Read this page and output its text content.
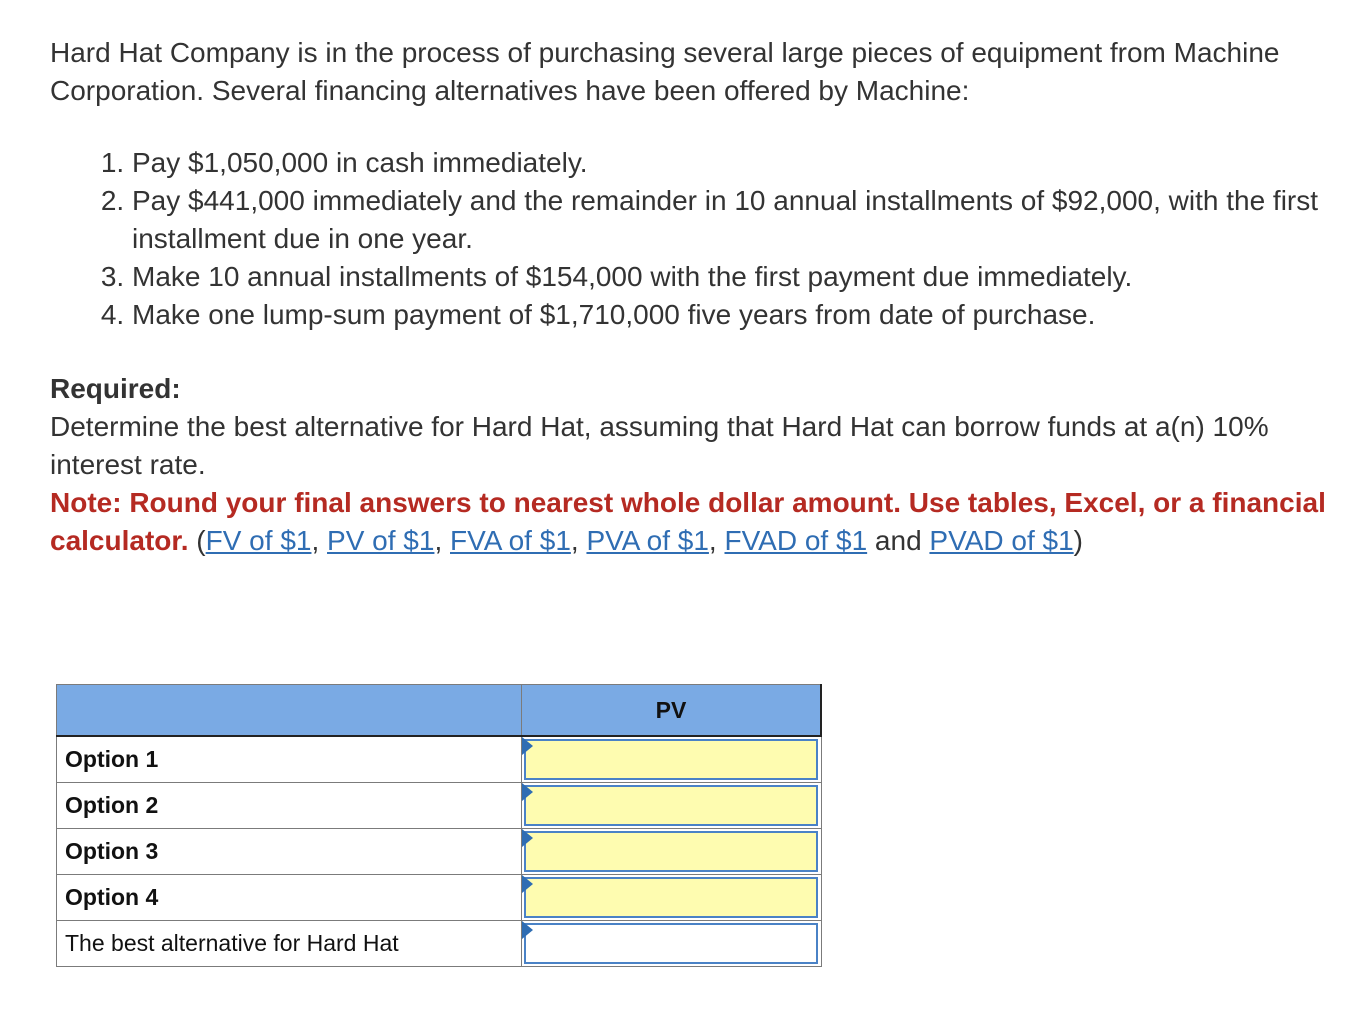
Hard Hat Company is in the process of purchasing several large pieces of equipment from Machine Corporation. Several financing alternatives have been offered by Machine:

1. Pay $1,050,000 in cash immediately.
2. Pay $441,000 immediately and the remainder in 10 annual installments of $92,000, with the first installment due in one year.
3. Make 10 annual installments of $154,000 with the first payment due immediately.
4. Make one lump-sum payment of $1,710,000 five years from date of purchase.
Required:
Determine the best alternative for Hard Hat, assuming that Hard Hat can borrow funds at a(n) 10% interest rate.
Note: Round your final answers to nearest whole dollar amount. Use tables, Excel, or a financial calculator. (FV of $1, PV of $1, FVA of $1, PVA of $1, FVAD of $1 and PVAD of $1)
	PV
Option 1	

Option 2	

Option 3	

Option 4	

The best alternative for Hard Hat	
